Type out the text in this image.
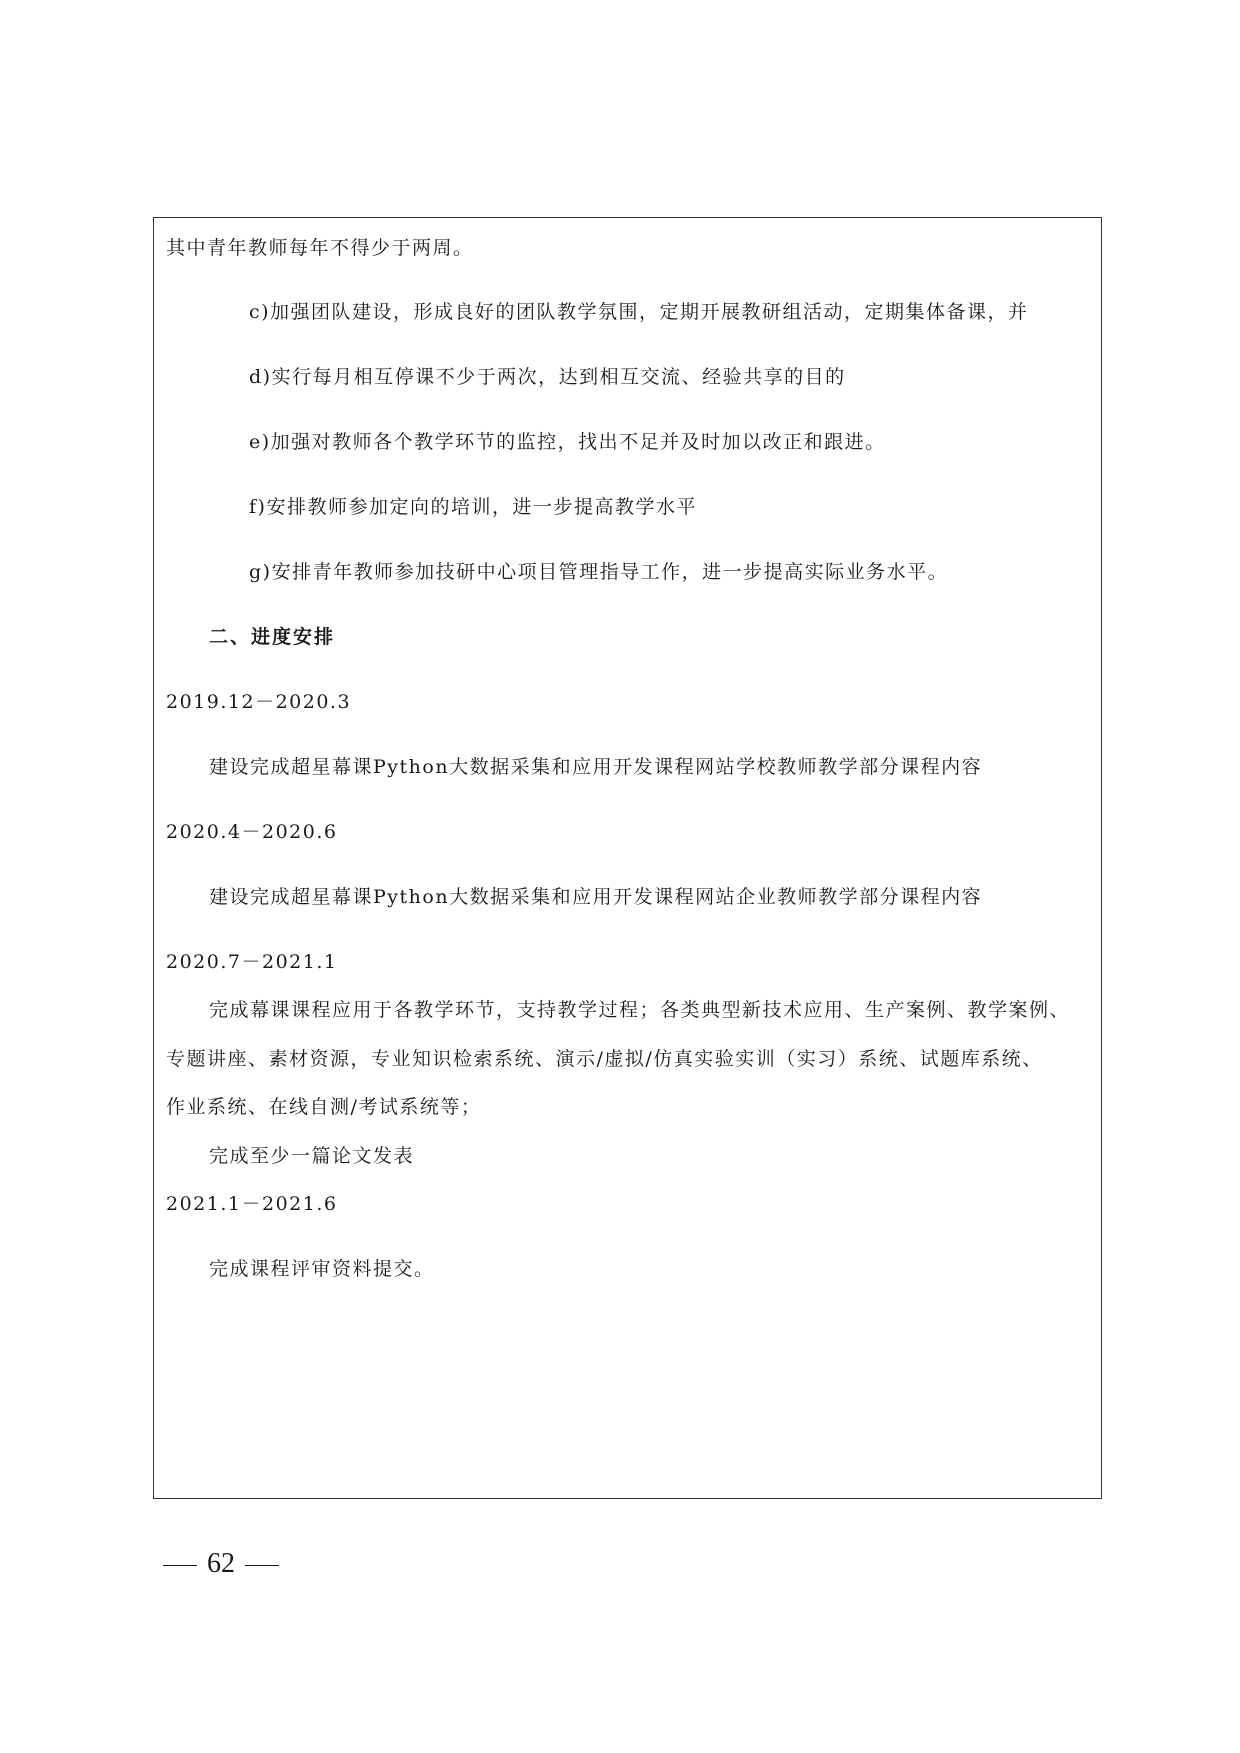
其中青年教师每年不得少于两周。
c)加强团队建设，形成良好的团队教学氛围，定期开展教研组活动，定期集体备课，并
d)实行每月相互停课不少于两次，达到相互交流、经验共享的目的
e)加强对教师各个教学环节的监控，找出不足并及时加以改正和跟进。
f)安排教师参加定向的培训，进一步提高教学水平
g)安排青年教师参加技研中心项目管理指导工作，进一步提高实际业务水平。
二、进度安排
2019.12－2020.3
建设完成超星幕课Python大数据采集和应用开发课程网站学校教师教学部分课程内容
2020.4－2020.6
建设完成超星幕课Python大数据采集和应用开发课程网站企业教师教学部分课程内容
2020.7－2021.1
完成幕课课程应用于各教学环节，支持教学过程；各类典型新技术应用、生产案例、教学案例、
专题讲座、素材资源，专业知识检索系统、演示/虚拟/仿真实验实训（实习）系统、试题库系统、
作业系统、在线自测/考试系统等；
完成至少一篇论文发表
2021.1－2021.6
完成课程评审资料提交。
62
